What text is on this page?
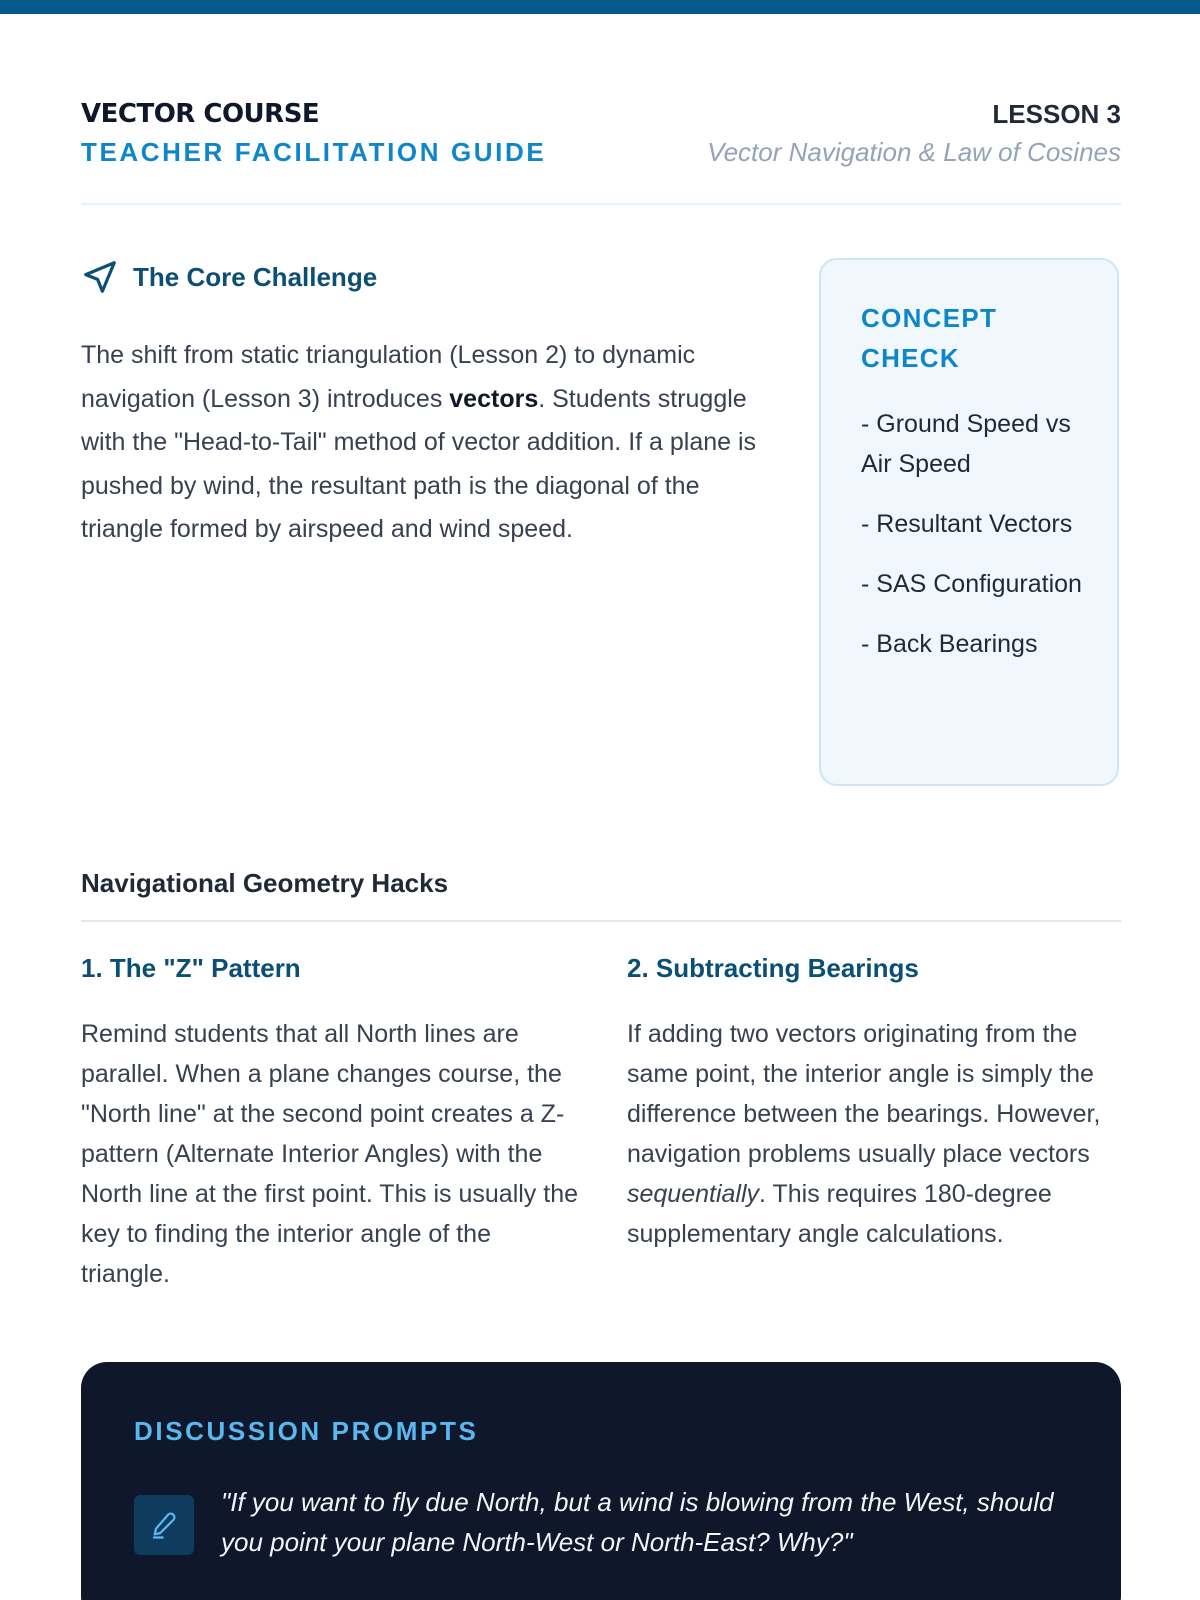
VECTOR COURSE
TEACHER FACILITATION GUIDE
LESSON 3
Vector Navigation & Law of Cosines
The Core Challenge

The shift from static triangulation (Lesson 2) to dynamic navigation (Lesson 3) introduces vectors. Students struggle with the "Head-to-Tail" method of vector addition. If a plane is pushed by wind, the resultant path is the diagonal of the triangle formed by airspeed and wind speed.

CONCEPT CHECK
- Ground Speed vs Air Speed
- Resultant Vectors
- SAS Configuration
- Back Bearings
Navigational Geometry Hacks
1. The "Z" Pattern
Remind students that all North lines are parallel. When a plane changes course, the "North line" at the second point creates a Z-pattern (Alternate Interior Angles) with the North line at the first point. This is usually the key to finding the interior angle of the triangle.
2. Subtracting Bearings
If adding two vectors originating from the same point, the interior angle is simply the difference between the bearings. However, navigation problems usually place vectors sequentially. This requires 180-degree supplementary angle calculations.
DISCUSSION PROMPTS
"If you want to fly due North, but a wind is blowing from the West, should you point your plane North-West or North-East? Why?"
